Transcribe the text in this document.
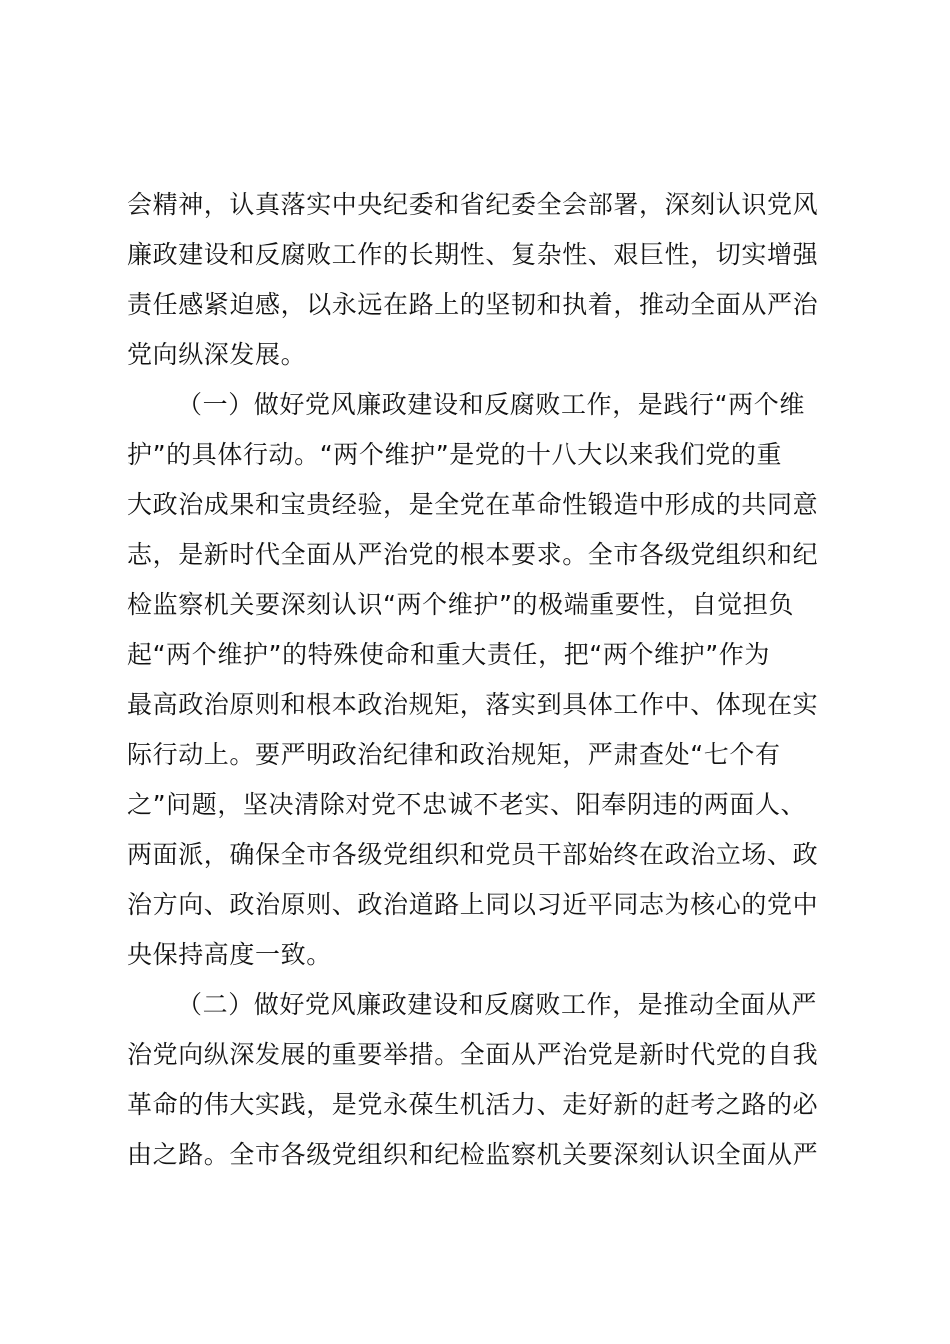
会精神，认真落实中央纪委和省纪委全会部署，深刻认识党风
廉政建设和反腐败工作的长期性、复杂性、艰巨性，切实增强
责任感紧迫感，以永远在路上的坚韧和执着，推动全面从严治
党向纵深发展。
（一）做好党风廉政建设和反腐败工作，是践行“两个维
护”的具体行动。“两个维护”是党的十八大以来我们党的重
大政治成果和宝贵经验，是全党在革命性锻造中形成的共同意
志，是新时代全面从严治党的根本要求。全市各级党组织和纪
检监察机关要深刻认识“两个维护”的极端重要性，自觉担负
起“两个维护”的特殊使命和重大责任，把“两个维护”作为
最高政治原则和根本政治规矩，落实到具体工作中、体现在实
际行动上。要严明政治纪律和政治规矩，严肃查处“七个有
之”问题，坚决清除对党不忠诚不老实、阳奉阴违的两面人、
两面派，确保全市各级党组织和党员干部始终在政治立场、政
治方向、政治原则、政治道路上同以习近平同志为核心的党中
央保持高度一致。
（二）做好党风廉政建设和反腐败工作，是推动全面从严
治党向纵深发展的重要举措。全面从严治党是新时代党的自我
革命的伟大实践，是党永葆生机活力、走好新的赶考之路的必
由之路。全市各级党组织和纪检监察机关要深刻认识全面从严
